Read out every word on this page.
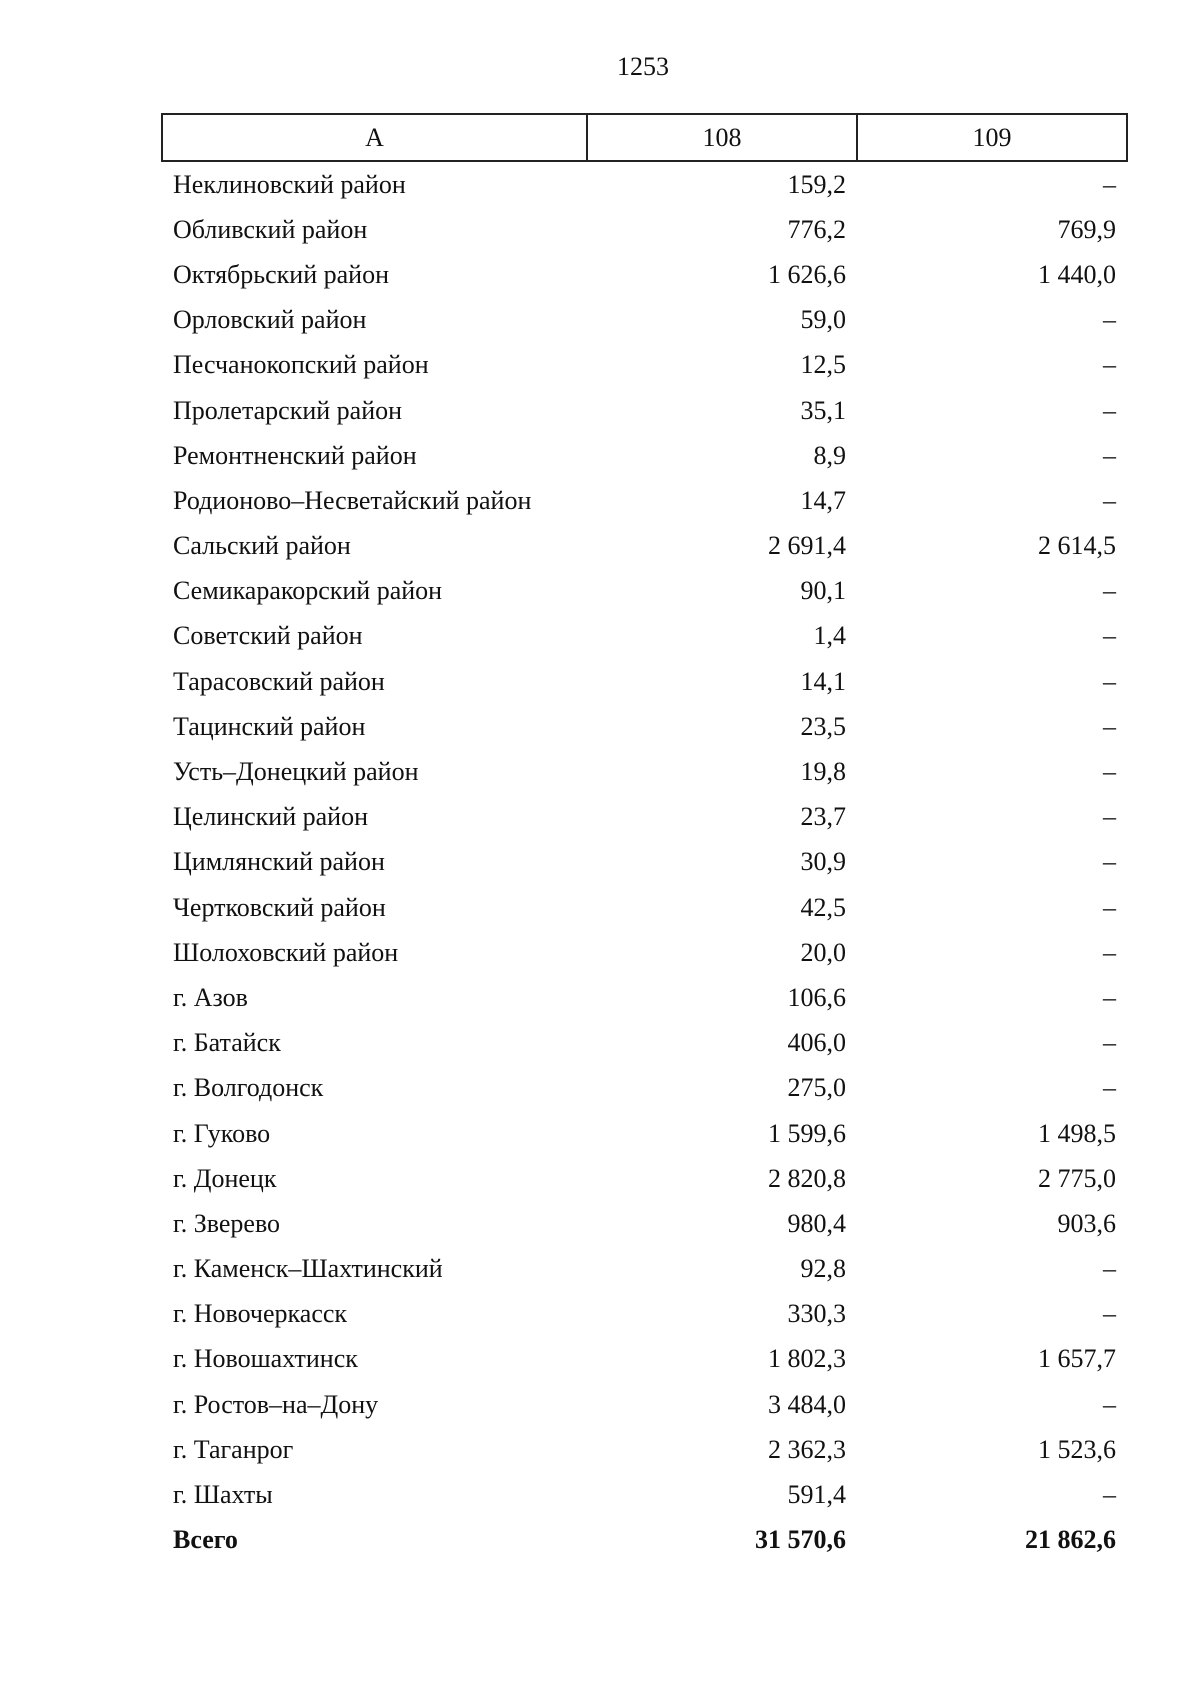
1253
А	108	109
Неклиновский район	159,2	–
Обливский район	776,2	769,9
Октябрьский район	1 626,6	1 440,0
Орловский район	59,0	–
Песчанокопский район	12,5	–
Пролетарский район	35,1	–
Ремонтненский район	8,9	–
Родионово–Несветайский район	14,7	–
Сальский район	2 691,4	2 614,5
Семикаракорский район	90,1	–
Советский район	1,4	–
Тарасовский район	14,1	–
Тацинский район	23,5	–
Усть–Донецкий район	19,8	–
Целинский район	23,7	–
Цимлянский район	30,9	–
Чертковский район	42,5	–
Шолоховский район	20,0	–
г. Азов	106,6	–
г. Батайск	406,0	–
г. Волгодонск	275,0	–
г. Гуково	1 599,6	1 498,5
г. Донецк	2 820,8	2 775,0
г. Зверево	980,4	903,6
г. Каменск–Шахтинский	92,8	–
г. Новочеркасск	330,3	–
г. Новошахтинск	1 802,3	1 657,7
г. Ростов–на–Дону	3 484,0	–
г. Таганрог	2 362,3	1 523,6
г. Шахты	591,4	–
Всего	31 570,6	21 862,6
